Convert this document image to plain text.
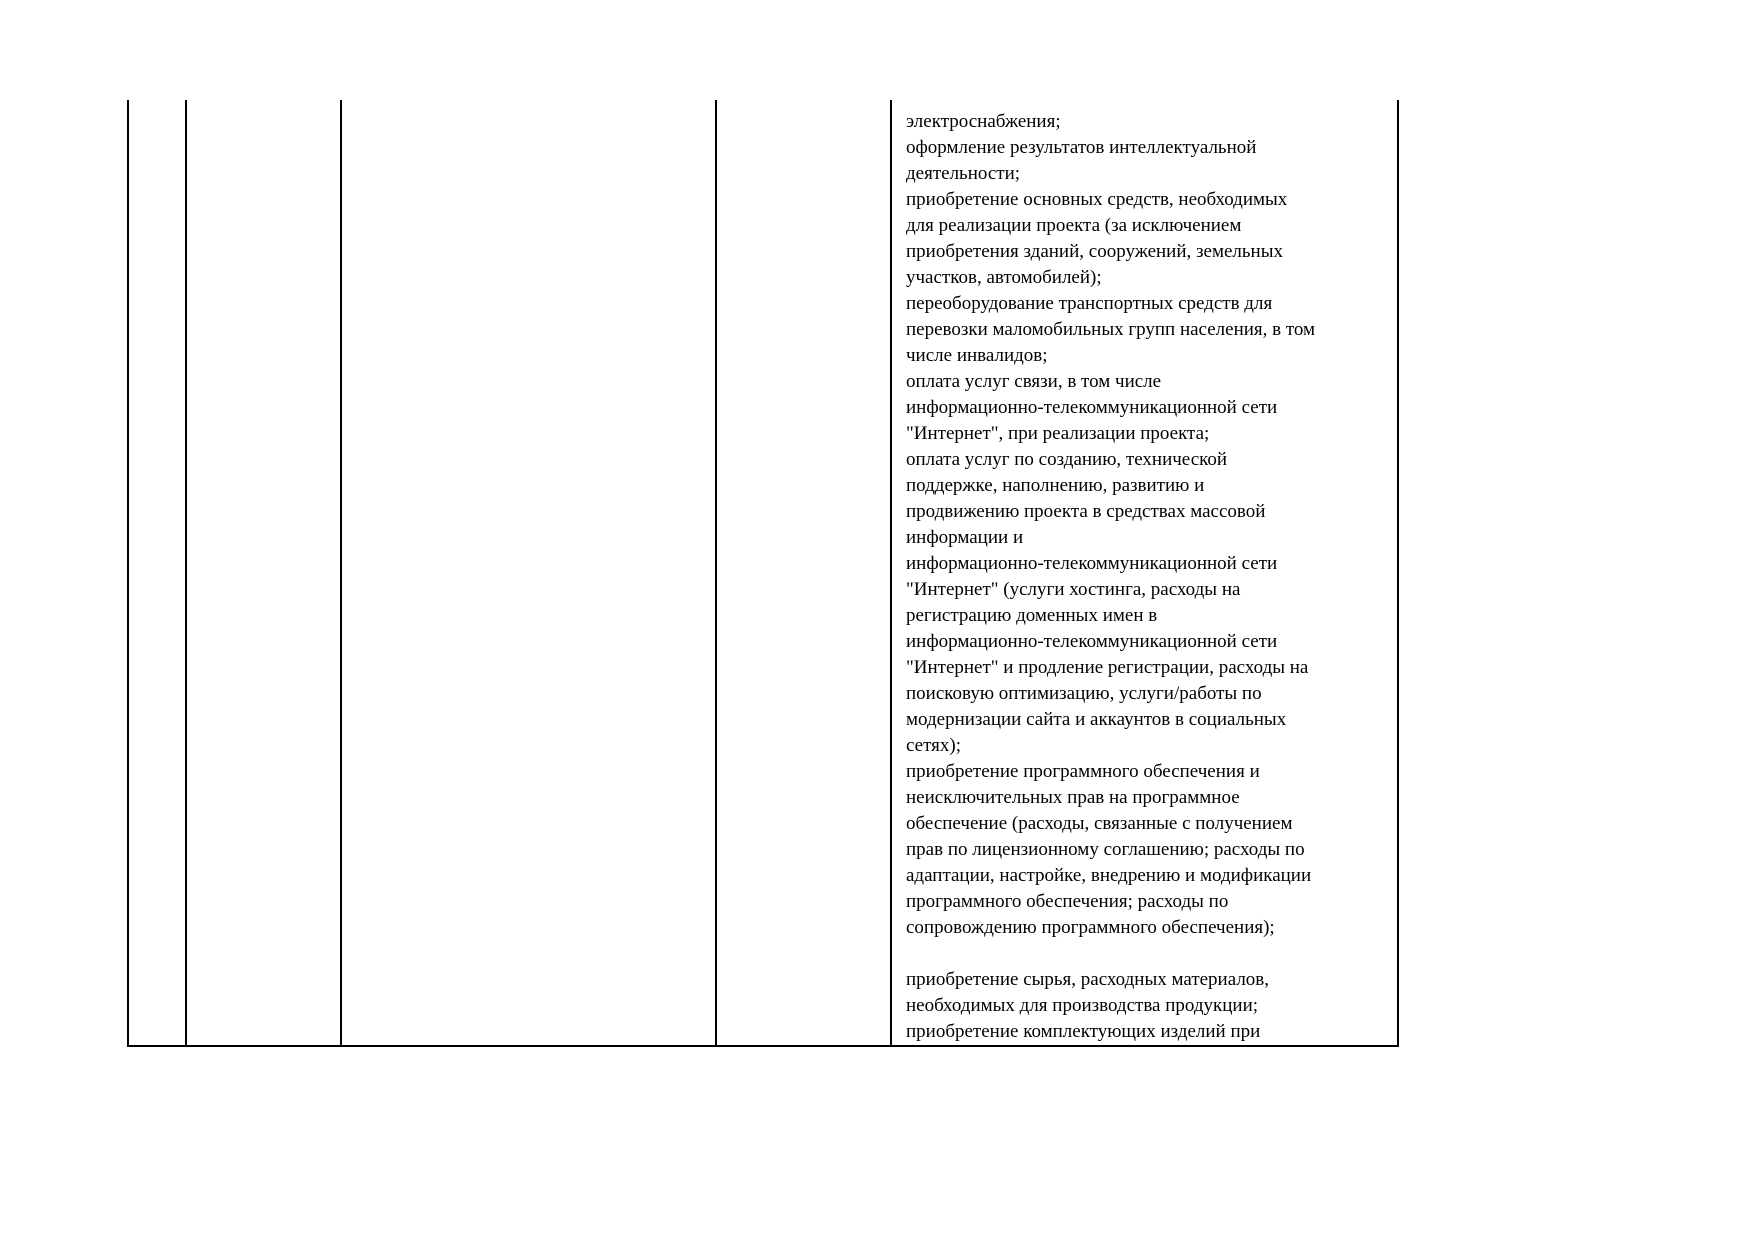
электроснабжения;
оформление результатов интеллектуальной
деятельности;
приобретение основных средств, необходимых
для реализации проекта (за исключением
приобретения зданий, сооружений, земельных
участков, автомобилей);
переоборудование транспортных средств для
перевозки маломобильных групп населения, в том
числе инвалидов;
оплата услуг связи, в том числе
информационно-телекоммуникационной сети
"Интернет", при реализации проекта;
оплата услуг по созданию, технической
поддержке, наполнению, развитию и
продвижению проекта в средствах массовой
информации и
информационно-телекоммуникационной сети
"Интернет" (услуги хостинга, расходы на
регистрацию доменных имен в
информационно-телекоммуникационной сети
"Интернет" и продление регистрации, расходы на
поисковую оптимизацию, услуги/работы по
модернизации сайта и аккаунтов в социальных
сетях);
приобретение программного обеспечения и
неисключительных прав на программное
обеспечение (расходы, связанные с получением
прав по лицензионному соглашению; расходы по
адаптации, настройке, внедрению и модификации
программного обеспечения; расходы по
сопровождению программного обеспечения);
приобретение сырья, расходных материалов,
необходимых для производства продукции;
приобретение комплектующих изделий при
